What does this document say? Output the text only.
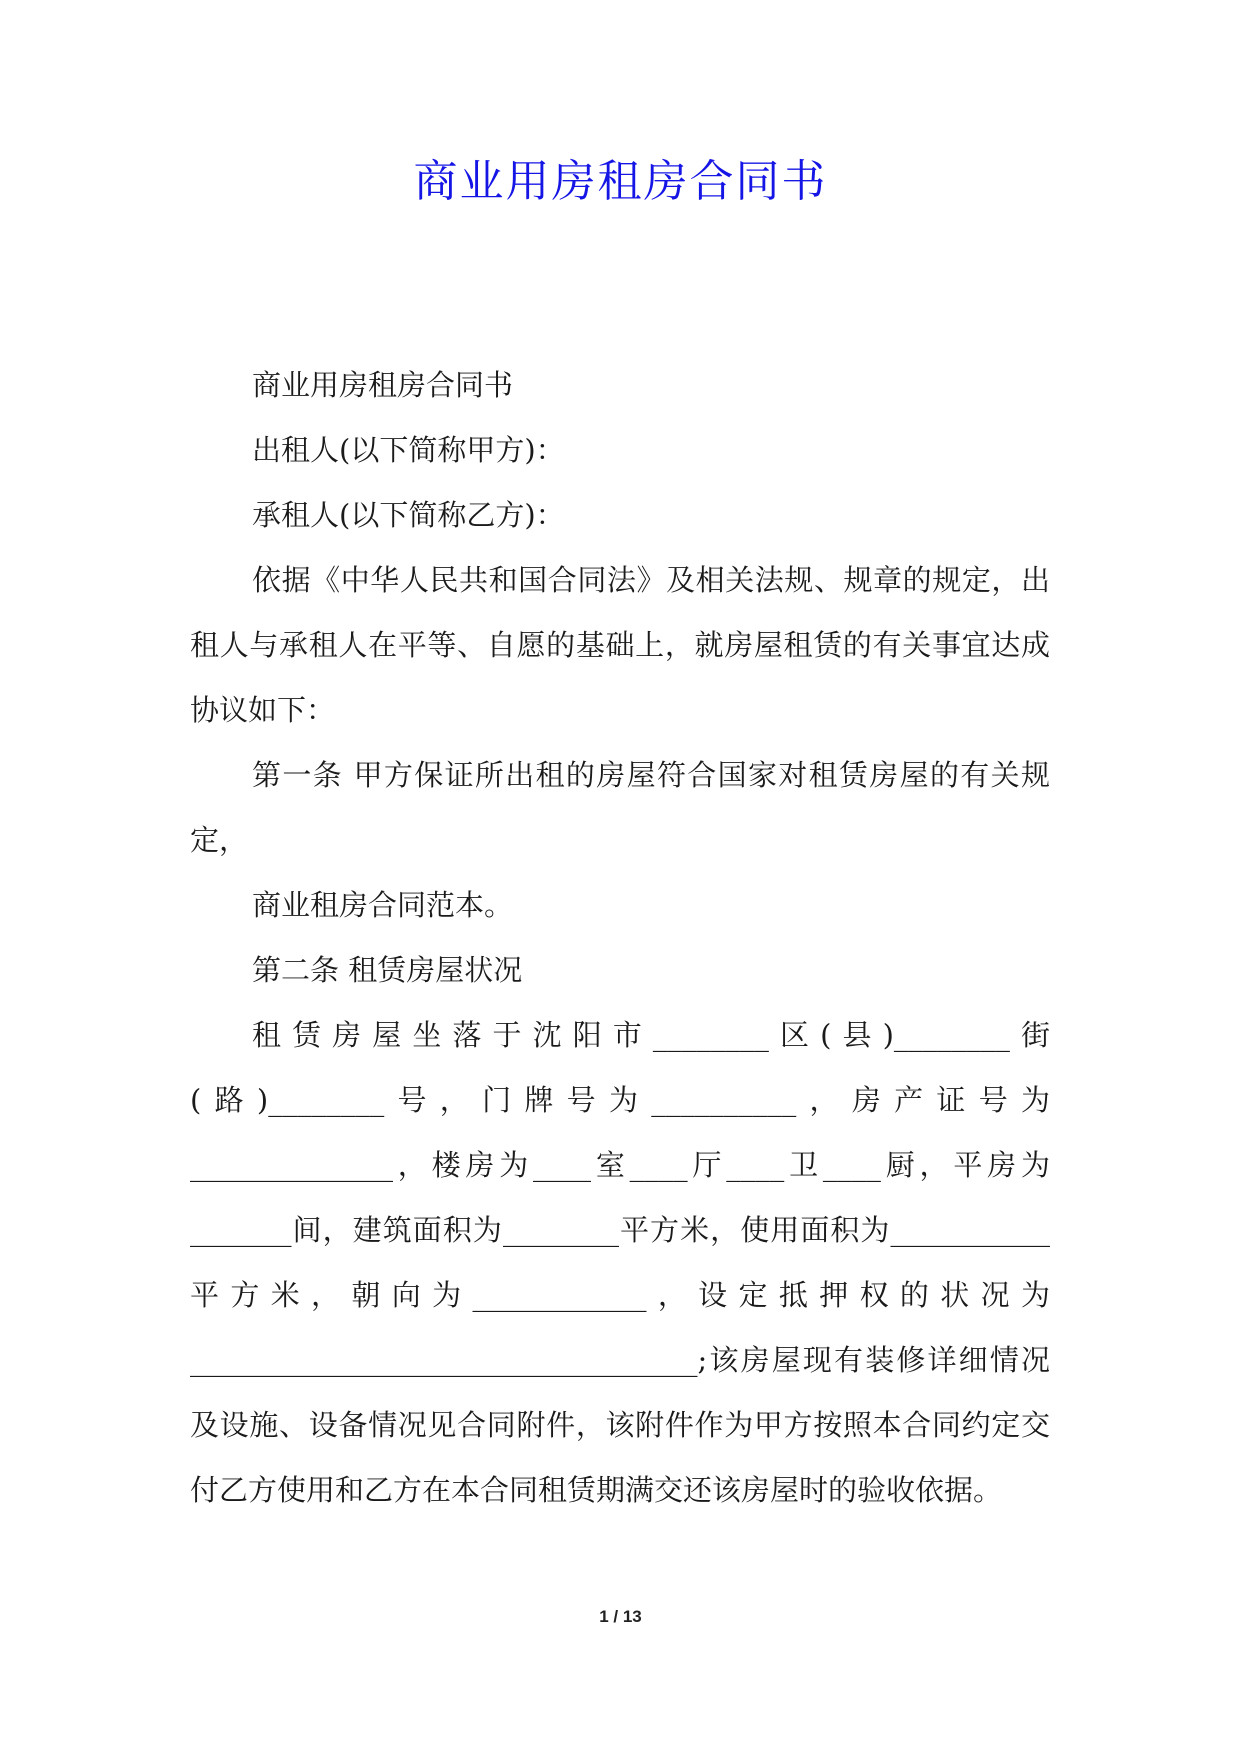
商业用房租房合同书

商业用房租房合同书

出租人(以下简称甲方)：

承租人(以下简称乙方)：

依据《中华人民共和国合同法》及相关法规、规章的规定，出租人与承租人在平等、自愿的基础上，就房屋租赁的有关事宜达成协议如下：

第一条 甲方保证所出租的房屋符合国家对租赁房屋的有关规定，

商业租房合同范本。

第二条 租赁房屋状况

租赁房屋坐落于沈阳市________区(县)________街(路)________号，门牌号为__________，房产证号为______________，楼房为____室____厅____卫____厨，平房为_______间，建筑面积为________平方米，使用面积为___________平方米，朝向为____________，设定抵押权的状况为___________________________________;该房屋现有装修详细情况及设施、设备情况见合同附件，该附件作为甲方按照本合同约定交付乙方使用和乙方在本合同租赁期满交还该房屋时的验收依据。

1 / 13
